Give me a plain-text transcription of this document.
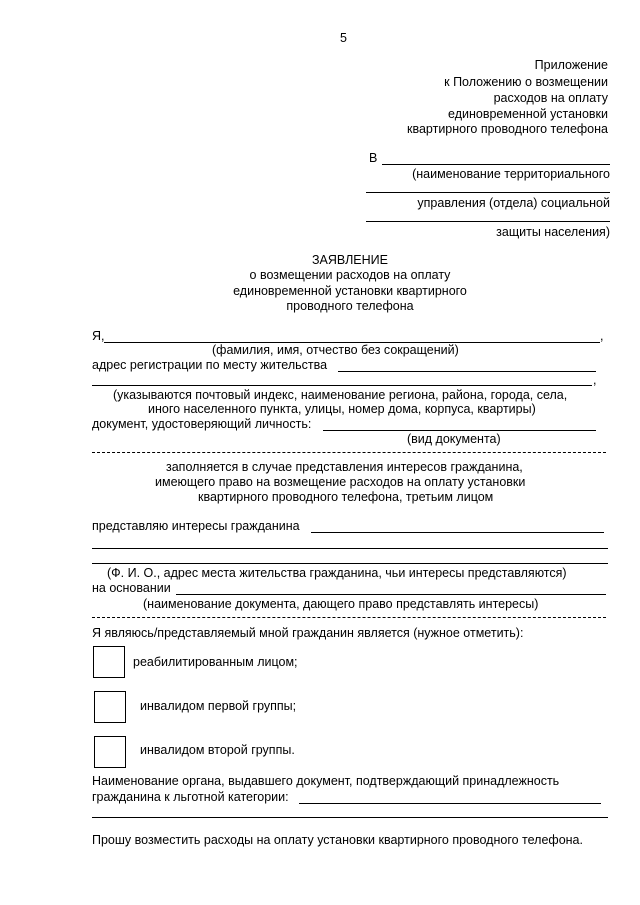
5
Приложение
к Положению о возмещении
расходов на оплату
единовременной установки
квартирного проводного телефона
В
(наименование территориального
управления (отдела) социальной
защиты населения)
ЗАЯВЛЕНИЕ
о возмещении расходов на оплату
единовременной установки квартирного
проводного телефона
Я,	,
(фамилия, имя, отчество без сокращений)
адрес регистрации по месту жительства
,
(указываются почтовый индекс, наименование региона, района, города, села,
иного населенного пункта, улицы, номер дома, корпуса, квартиры)
документ, удостоверяющий личность:
(вид документа)
заполняется в случае представления интересов гражданина,
имеющего право на возмещение расходов на оплату установки
квартирного проводного телефона, третьим лицом
представляю интересы гражданина
(Ф. И. О., адрес места жительства гражданина, чьи интересы представляются)
на основании
(наименование документа, дающего право представлять интересы)
Я являюсь/представляемый мной гражданин является (нужное отметить):
реабилитированным лицом;
инвалидом первой группы;
инвалидом второй группы.
Наименование органа, выдавшего документ, подтверждающий принадлежность
гражданина к льготной категории:
Прошу возместить расходы на оплату установки квартирного проводного телефона.
